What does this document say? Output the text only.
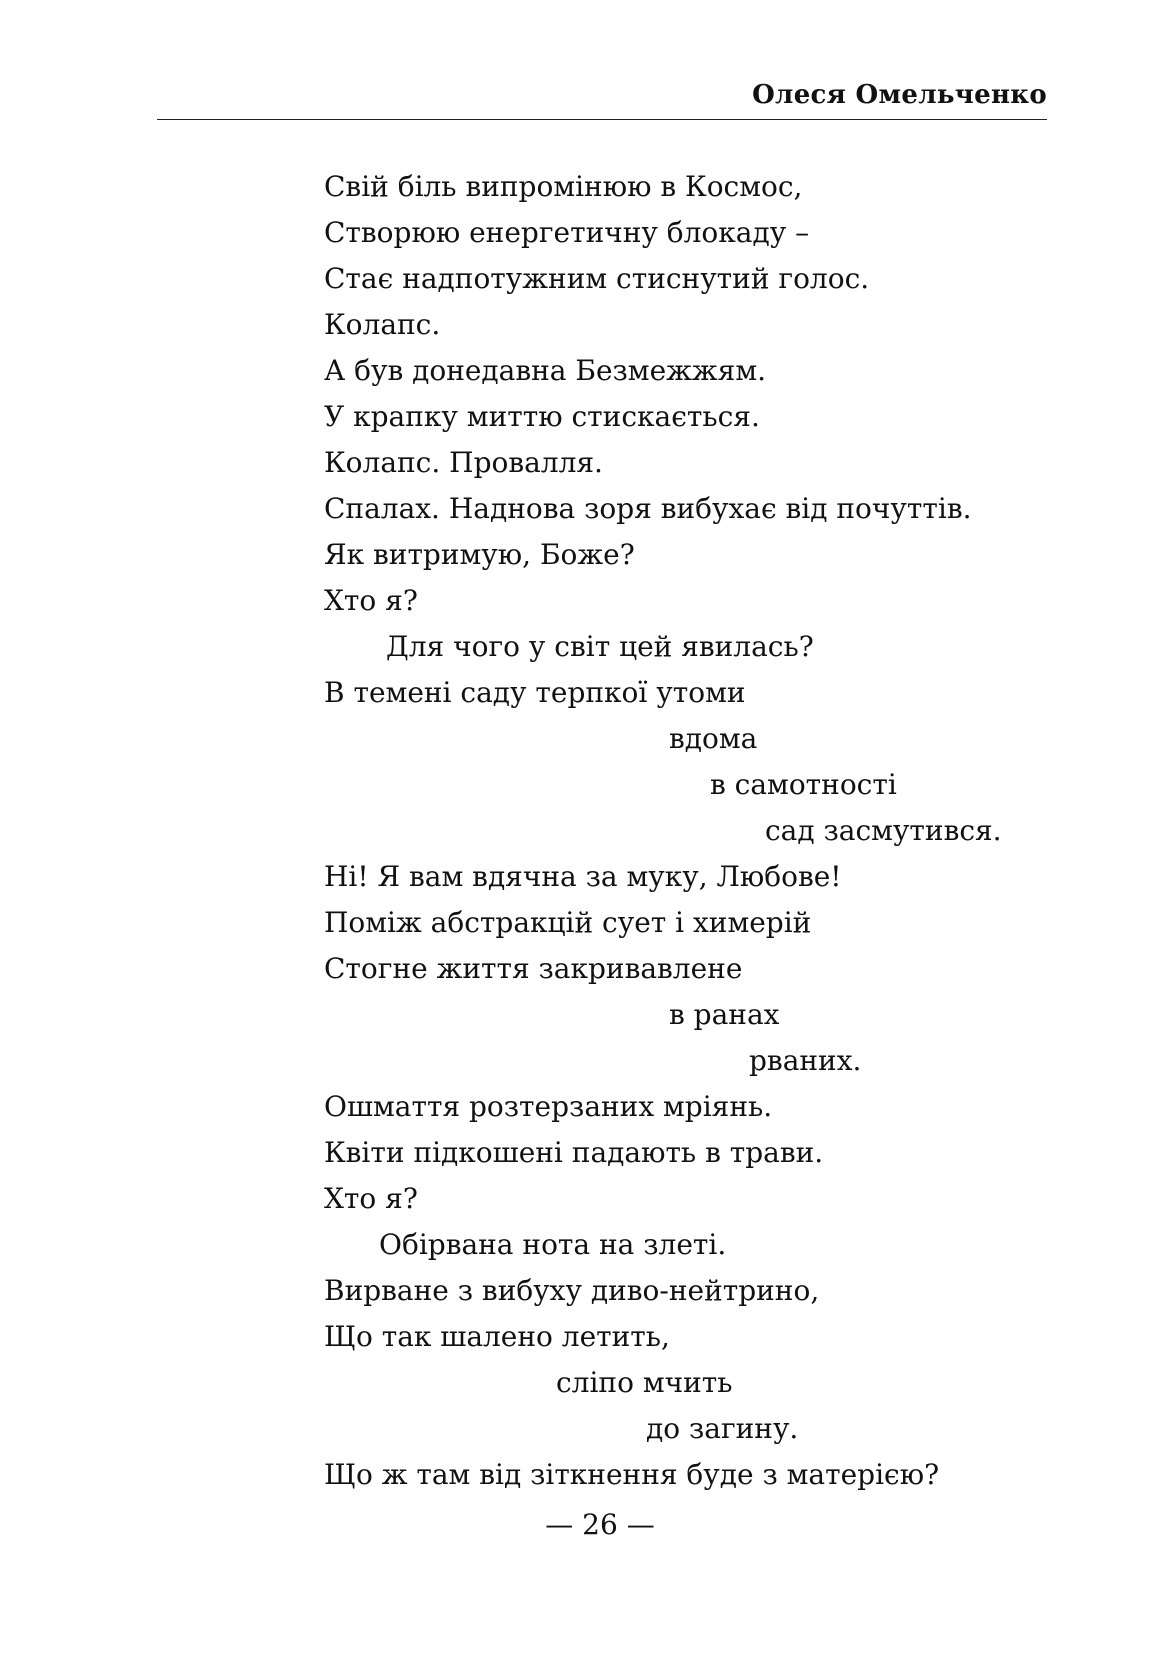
Олеся Омельченко
Свій біль випромінюю в Космос,
Створюю енергетичну блокаду –
Стає надпотужним стиснутий голос.
Колапс.
А був донедавна Безмежжям.
У крапку миттю стискається.
Колапс. Провалля.
Спалах. Наднова зоря вибухає від почуттів.
Як витримую, Боже?
Хто я?
Для чого у світ цей явилась?
В темені саду терпкої утоми
вдома
в самотності
сад засмутився.
Ні! Я вам вдячна за муку, Любове!
Поміж абстракцій сует і химерій
Стогне життя закривавлене
в ранах
рваних.
Ошмаття розтерзаних мріянь.
Квіти підкошені падають в трави.
Хто я?
Обірвана нота на злеті.
Вирване з вибуху диво-нейтрино,
Що так шалено летить,
сліпо мчить
до загину.
Що ж там від зіткнення буде з матерією?
— 26 —
